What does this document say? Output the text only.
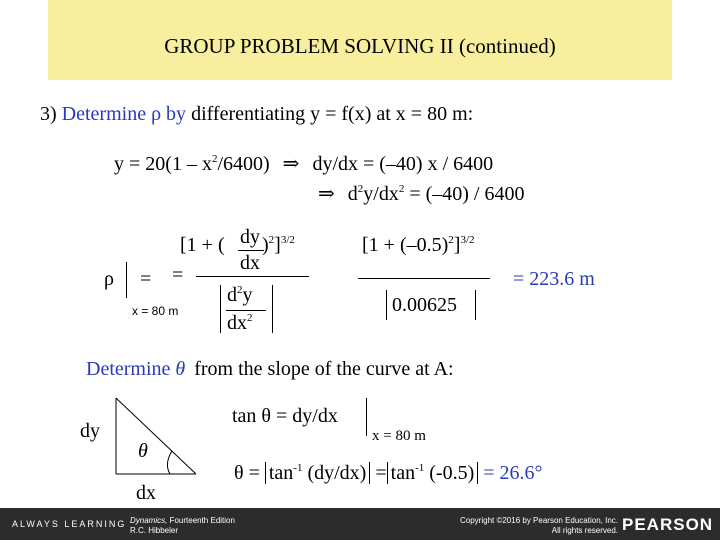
GROUP PROBLEM SOLVING II (continued)
3) Determine ρ by differentiating y = f(x) at x = 80 m:
$y = 20(1 - x^2/6400)$ ⇒ dy/dx = (–40) x / 6400
⇒ $d^2y/dx^2 = (-40) / 6400$
ρ = =
x = 80 m
[1 + ( dy
dx
)$^2$]$^{3/2}$
$d^2y$
$dx^2$
$[1 + (-0.5)^2]^{3/2}$
0.00625
= 223.6 m
Determine θ from the slope of the curve at A:
dy
dx
θ
tan θ = dy/dx
x = 80 m
$\theta = \tan^{-1} (dy/dx) = \tan^{-1} (-0.5) = 26.6^\circ$
ALWAYS LEARNING Dynamics, Fourteenth Edition
R.C. Hibbeler
Copyright ©2016 by Pearson Education, Inc.
All rights reserved. PEARSON
